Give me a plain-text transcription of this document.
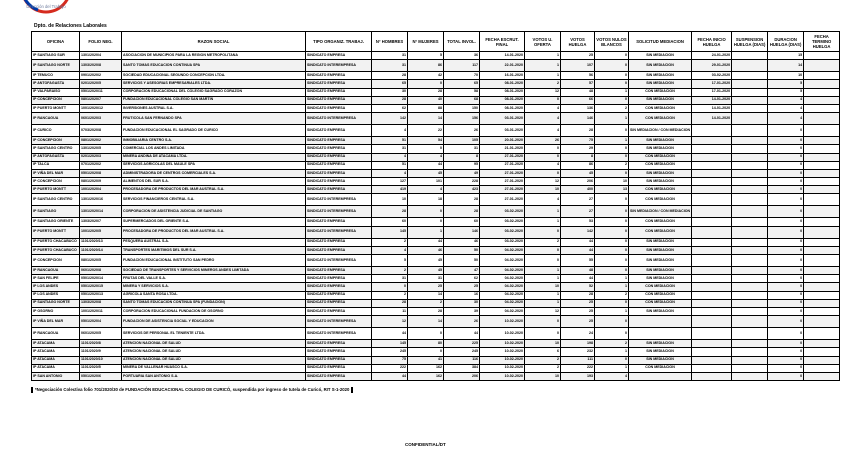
Dirección del Trabajo
Dpto. de Relaciones Laborales
OFICINA	FOLIO NEG.	RAZON SOCIAL	TIPO ORGANIZ. TRABAJ.	N° HOMBRES	N° MUJERES	TOTAL INVOL.	FECHA ESCRUT. FINAL	VOTOS U. OFERTA	VOTOS HUELGA	VOTOS NULOS BLANCOS	SOLICITUD MEDIACION	FECHA INICIO HUELGA	SUSPENSION HUELGA (DIAS)	DURACION HUELGA (DIAS)	FECHA TERMINO HUELGA
IP SANTIAGO SUR	1301/2020/4	ASOCIACION DE MUNICIPIOS PARA LA REGION METROPOLITANA	SINDICATO EMPRESA	31	5	36	14-01-2020	1	25	0	SIN MEDIACION	24-01-2020		15	
IP SANTIAGO NORTE	1303/2020/8	SANTO TOMAS EDUCACION CONTINUA SPA	SINDICATO INTEREMPRESA	31	86	117	22-01-2020	1	107	0	SIN MEDIACION	29-01-2020		14	
IP TEMUCO	0901/2020/2	SOCIEDAD EDUCACIONAL SEGUNDO CONCEPCION LTDA.	SINDICATO EMPRESA	28	42	70	16-01-2020	1	56	0	SIN MEDIACION	03-02-2020		10	
IP ANTOFAGASTA	0201/2020/5	SERVICIOS Y ASESORIAS EMPRESARIALES LTDA.	SINDICATO EMPRESA	65	0	65	08-01-2020	2	57	0	SIN MEDIACION	17-01-2020		5	
IP VALPARAISO	0501/2020/11	CORPORACION EDUCACIONAL DEL COLEGIO SAGRADO CORAZON	SINDICATO EMPRESA	30	28	58	08-01-2020	12	48	1	CON MEDIACION	17-01-2020		5	
IP CONCEPCION	0801/2020/7	FUNDACION EDUCACIONAL COLEGIO SAN MARTIN	SINDICATO EMPRESA	28	40	68	08-01-2020	0	66	0	SIN MEDIACION	14-01-2020		4	
IP PUERTO MONTT	1001/2020/12	INVERSIONES AUSTRAL S.A.	SINDICATO EMPRESA	62	88	150	08-01-2020	4	136	2	CON MEDIACION	14-01-2020		4	
IP RANCAGUA	0601/2020/3	FRUTICOLA SAN FERNANDO SPA	SINDICATO INTEREMPRESA	142	14	156	03-01-2020	4	146	1	CON MEDIACION	14-01-2020		4	
IP CURICO	0703/2020/8	FUNDACION EDUCACIONAL EL SAGRADO DE CURICO	SINDICATO EMPRESA	4	22	26	03-01-2020	4	28	0	SIN MEDIACION / CON MEDIACION			0	
IP CONCEPCION	0801/2020/2	INMOBILIARIA CENTRO S.A.	SINDICATO EMPRESA	51	54	105	20-01-2020	26	75	1	SIN MEDIACION			0	
IP SANTIAGO CENTRO	1301/2020/5	COMERCIAL LOS ANDES LIMITADA	SINDICATO EMPRESA	31	0	31	21-01-2020	0	29	0	SIN MEDIACION			0	
IP ANTOFAGASTA	0201/2020/3	MINERA ANDINA DE ATACAMA LTDA.	SINDICATO EMPRESA	4	4	8	27-01-2020	0	8	0	CON MEDIACION			0	
IP TALCA	0701/2020/2	SERVICIOS AGRICOLAS DEL MAULE SPA	SINDICATO EMPRESA	51	44	95	27-01-2020	4	86	2	CON MEDIACION			0	
IP VIÑA DEL MAR	0501/2020/8	ADMINISTRADORA DE CENTROS COMERCIALES S.A.	SINDICATO EMPRESA	4	45	49	27-01-2020	0	45	0	SIN MEDIACION			0	
IP CONCEPCION	0801/2020/9	ALIMENTOS DEL SUR S.A.	SINDICATO EMPRESA	127	101	228	27-01-2020	12	206	10	SIN MEDIACION			0	
IP PUERTO MONTT	1001/2020/4	PROCESADORA DE PRODUCTOS DEL MAR AUSTRAL S.A.	SINDICATO EMPRESA	419	4	423	27-01-2020	10	400	13	CON MEDIACION			0	
IP SANTIAGO CENTRO	1301/2020/16	SERVICIOS FINANCIEROS CENTRAL S.A.	SINDICATO INTEREMPRESA	10	18	28	27-01-2020	4	27	0	CON MEDIACION			0	
IP SANTIAGO	1301/2020/14	CORPORACION DE ASISTENCIA JUDICIAL DE SANTIAGO	SINDICATO INTEREMPRESA	28	0	28	03-02-2020	1	27	0	SIN MEDIACION / CON MEDIACION			0	
IP SANTIAGO ORIENTE	1303/2020/7	SUPERMERCADOS DEL ORIENTE S.A.	SINDICATO EMPRESA	60	0	60	03-02-2020	1	53	0	CON MEDIACION			0	
IP PUERTO MONTT	1001/2020/5	PROCESADORA DE PRODUCTOS DEL MAR AUSTRAL S.A.	SINDICATO INTEREMPRESA	145	1	146	03-02-2020	0	142	0	CON MEDIACION			0	
IP PUERTO CHACABUCO	1101/2020/13	PESQUERA AUSTRAL S.A.	SINDICATO EMPRESA	2	44	46	03-02-2020	2	44	0	SIN MEDIACION			0	
IP PUERTO CHACABUCO	1101/2020/14	TRANSPORTES MARITIMOS DEL SUR S.A.	SINDICATO EMPRESA	4	46	50	04-02-2020	0	44	0	SIN MEDIACION			0	
IP CONCEPCION	0801/2020/5	FUNDACION EDUCACIONAL INSTITUTO SAN PEDRO	SINDICATO INTEREMPRESA	5	45	50	04-02-2020	0	55	0	SIN MEDIACION			0	
IP RANCAGUA	0601/2020/8	SOCIEDAD DE TRANSPORTES Y SERVICIOS MINEROS ANDES LIMITADA	SINDICATO EMPRESA	2	45	47	04-02-2020	1	48	0	SIN MEDIACION			0	
IP SAN FELIPE	0501/2020/14	FRUTAS DEL VALLE S.A.	SINDICATO EMPRESA	31	31	62	04-02-2020	1	44	1	SIN MEDIACION			0	
IP LOS ANDES	0501/2020/15	MINERA Y SERVICIOS S.A.	SINDICATO EMPRESA	0	25	25	04-02-2020	10	52	1	CON MEDIACION			0	
IP LOS ANDES	0501/2020/13	AGRICOLA SANTA ROSA LTDA.	SINDICATO EMPRESA	2	14	16	04-02-2020	1	28	2	CON MEDIACION			0	
IP SANTIAGO NORTE	1303/2020/8	SANTO TOMAS EDUCACION CONTINUA SPA (FUNDACION)	SINDICATO EMPRESA	28	2	30	04-02-2020	1	25	0	CON MEDIACION			0	
IP OSORNO	1001/2020/11	CORPORACION EDUCACIONAL FUNDACION DE OSORNO	SINDICATO EMPRESA	11	28	39	04-02-2020	12	25	1	SIN MEDIACION			0	
IP VIÑA DEL MAR	0501/2020/4	FUNDACION DE ASISTENCIA SOCIAL Y EDUCACION	SINDICATO INTEREMPRESA	12	14	26	10-02-2020	0	25	0				0	
IP RANCAGUA	0601/2020/5	SERVICIOS DE PERSONAL EL TENIENTE LTDA.	SINDICATO INTEREMPRESA	44	0	44	10-02-2020	0	24	0				0	
IP ATACAMA	1101/2020/8	ATENCION NACIONAL DE SALUD	SINDICATO EMPRESA	145	80	225	10-02-2020	10	198	2	SIN MEDIACION			0	
IP ATACAMA	1101/2020/9	ATENCION NACIONAL DE SALUD	SINDICATO EMPRESA	245	0	245	10-02-2020	6	232	1	SIN MEDIACION			0	
IP ATACAMA	1101/2020/10	ATENCION NACIONAL DE SALUD	SINDICATO EMPRESA	75	41	116	10-02-2020	2	111	0	SIN MEDIACION			0	
IP ATACAMA	1101/2020/5	MINERA DE VALLENAR HUASCO S.A.	SINDICATO EMPRESA	222	162	384	10-02-2020	2	222	1	CON MEDIACION			0	
IP SAN ANTONIO	0501/2020/6	PORTUARIA SAN ANTONIO S.A.	SINDICATO EMPRESA	44	162	206	10-02-2020	10	193	4				0	
*Negociación Colectiva folio 701/2020/30 de FUNDACIÓN EDUCACIONAL COLEGIO DE CURICÓ, suspendida por ingreso de tutela de Curicó, RIT S-1-2020
CONFIDENTIAL/DT
